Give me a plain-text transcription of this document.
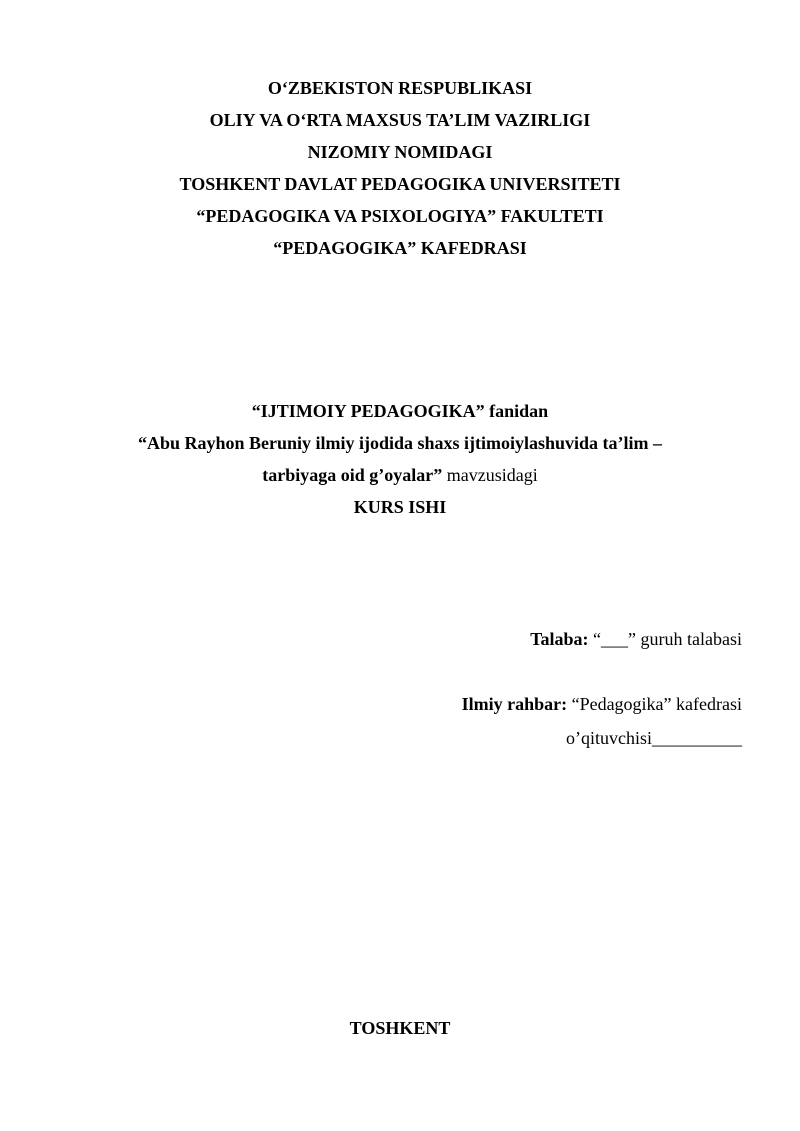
O‘ZBEKISTON RESPUBLIKASI
OLIY VA O‘RTA MAXSUS TA’LIM VAZIRLIGI
NIZOMIY NOMIDAGI
TOSHKENT DAVLAT PEDAGOGIKA UNIVERSITETI
“PEDAGOGIKA VA PSIXOLOGIYA” FAKULTETI
“PEDAGOGIKA” KAFEDRASI
“IJTIMOIY PEDAGOGIKA” fanidan
“Abu Rayhon Beruniy ilmiy ijodida shaxs ijtimoiylashuvida ta’lim –
tarbiyaga oid g’oyalar” mavzusidagi
KURS ISHI
Talaba: “___” guruh talabasi
Ilmiy rahbar: “Pedagogika” kafedrasi
o’qituvchisi__________
TOSHKENT
